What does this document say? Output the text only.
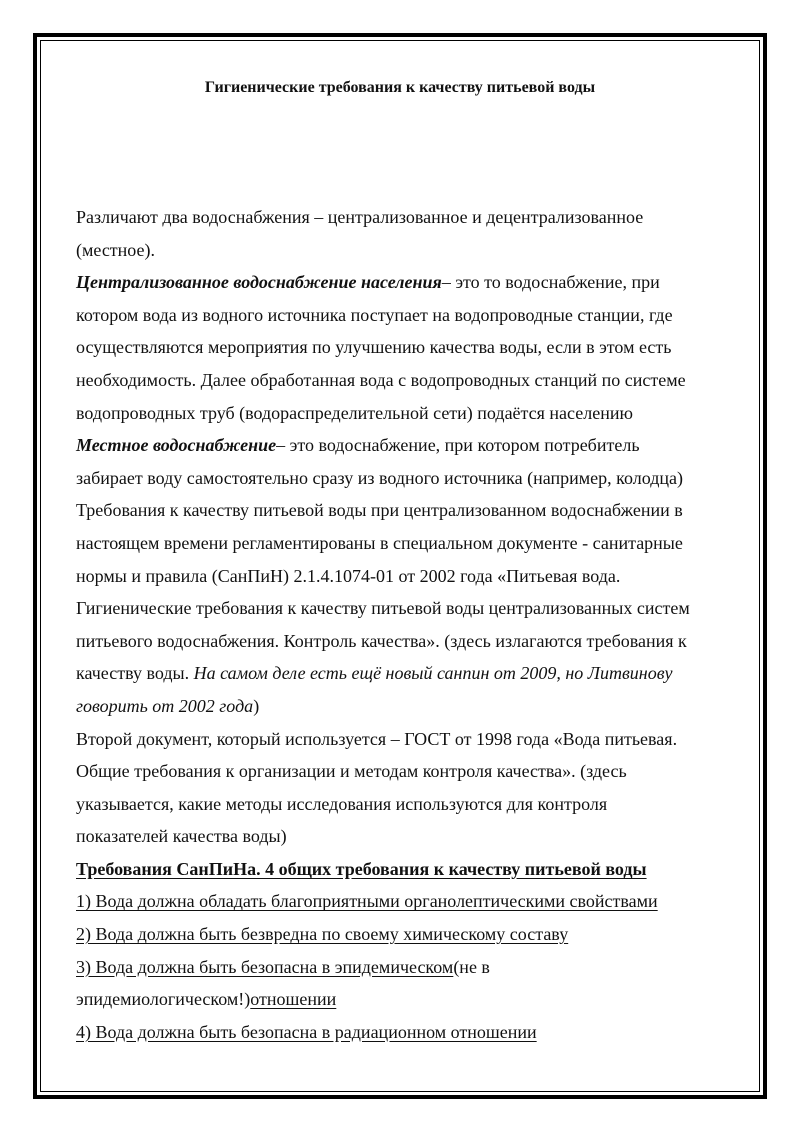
Гигиенические требования к качеству питьевой воды
Различают два водоснабжения – централизованное и децентрализованное
(местное).
Централизованное водоснабжение населения– это то водоснабжение, при
котором вода из водного источника поступает на водопроводные станции, где
осуществляются мероприятия по улучшению качества воды, если в этом есть
необходимость. Далее обработанная вода с водопроводных станций по системе
водопроводных труб (водораспределительной сети) подаётся населению
Местное водоснабжение– это водоснабжение, при котором потребитель
забирает воду самостоятельно сразу из водного источника (например, колодца)
Требования к качеству питьевой воды при централизованном водоснабжении в
настоящем времени регламентированы в специальном документе - санитарные
нормы и правила (СанПиН) 2.1.4.1074-01 от 2002 года «Питьевая вода.
Гигиенические требования к качеству питьевой воды централизованных систем
питьевого водоснабжения. Контроль качества». (здесь излагаются требования к
качеству воды. На самом деле есть ещё новый санпин от 2009, но Литвинову
говорить от 2002 года)
Второй документ, который используется – ГОСТ от 1998 года «Вода питьевая.
Общие требования к организации и методам контроля качества». (здесь
указывается, какие методы исследования используются для контроля
показателей качества воды)
Требования СанПиНа. 4 общих требования к качеству питьевой воды
1) Вода должна обладать благоприятными органолептическими свойствами
2) Вода должна быть безвредна по своему химическому составу
3) Вода должна быть безопасна в эпидемическом(не в
эпидемиологическом!)отношении
4) Вода должна быть безопасна в радиационном отношении
